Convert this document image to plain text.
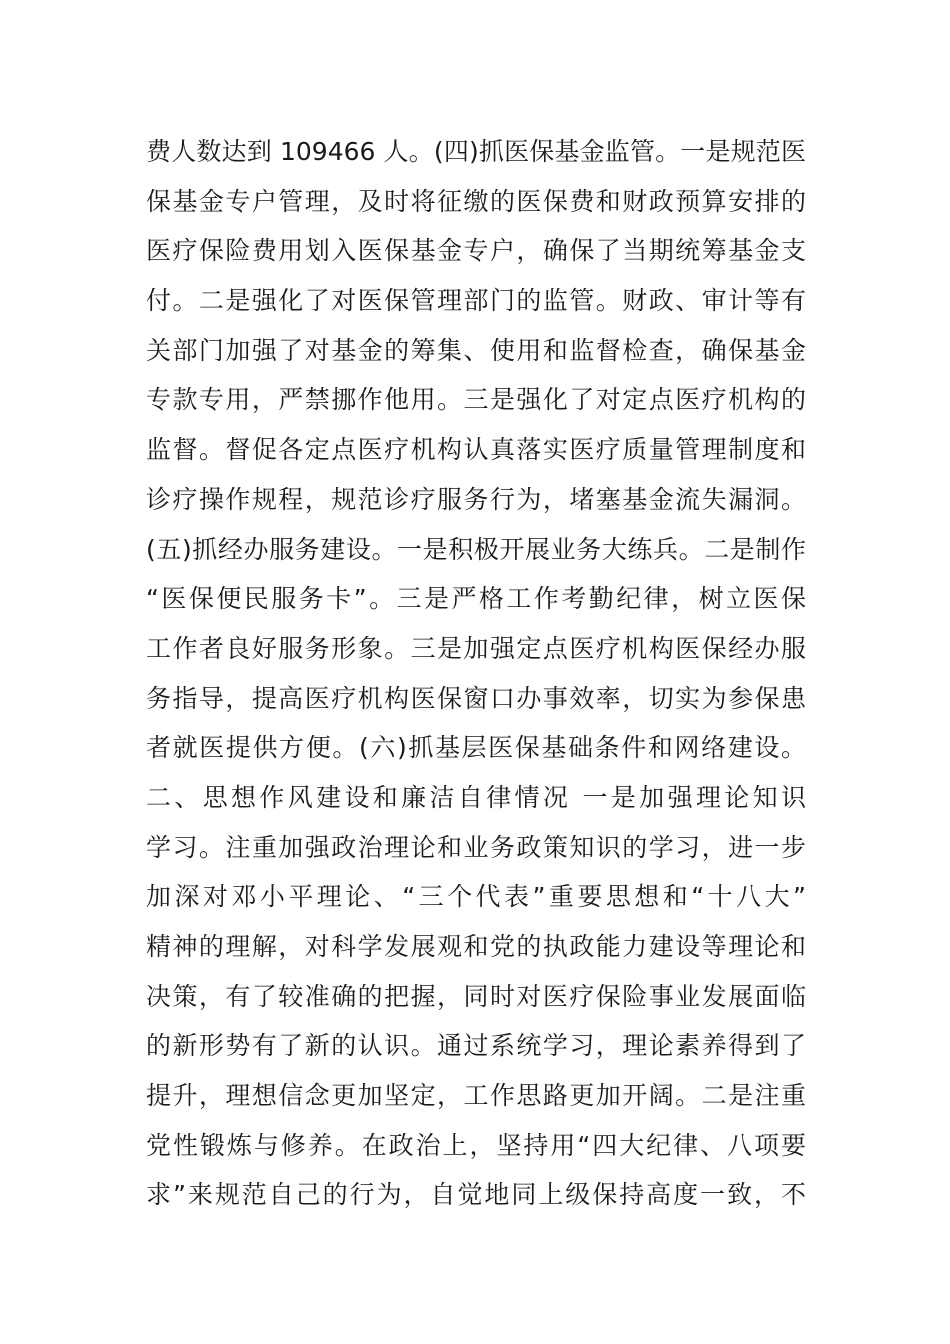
费人数达到 109466 人。(四)抓医保基金监管。一是规范医
保基金专户管理，及时将征缴的医保费和财政预算安排的
医疗保险费用划入医保基金专户，确保了当期统筹基金支
付。二是强化了对医保管理部门的监管。财政、审计等有
关部门加强了对基金的筹集、使用和监督检查，确保基金
专款专用，严禁挪作他用。三是强化了对定点医疗机构的
监督。督促各定点医疗机构认真落实医疗质量管理制度和
诊疗操作规程，规范诊疗服务行为，堵塞基金流失漏洞。
(五)抓经办服务建设。一是积极开展业务大练兵。二是制作
“医保便民服务卡”。三是严格工作考勤纪律，树立医保
工作者良好服务形象。三是加强定点医疗机构医保经办服
务指导，提高医疗机构医保窗口办事效率，切实为参保患
者就医提供方便。(六)抓基层医保基础条件和网络建设。
二、思想作风建设和廉洁自律情况 一是加强理论知识
学习。注重加强政治理论和业务政策知识的学习，进一步
加深对邓小平理论、“三个代表”重要思想和“十八大”
精神的理解，对科学发展观和党的执政能力建设等理论和
决策，有了较准确的把握，同时对医疗保险事业发展面临
的新形势有了新的认识。通过系统学习，理论素养得到了
提升，理想信念更加坚定，工作思路更加开阔。二是注重
党性锻炼与修养。在政治上，坚持用“四大纪律、八项要
求”来规范自己的行为，自觉地同上级保持高度一致，不
